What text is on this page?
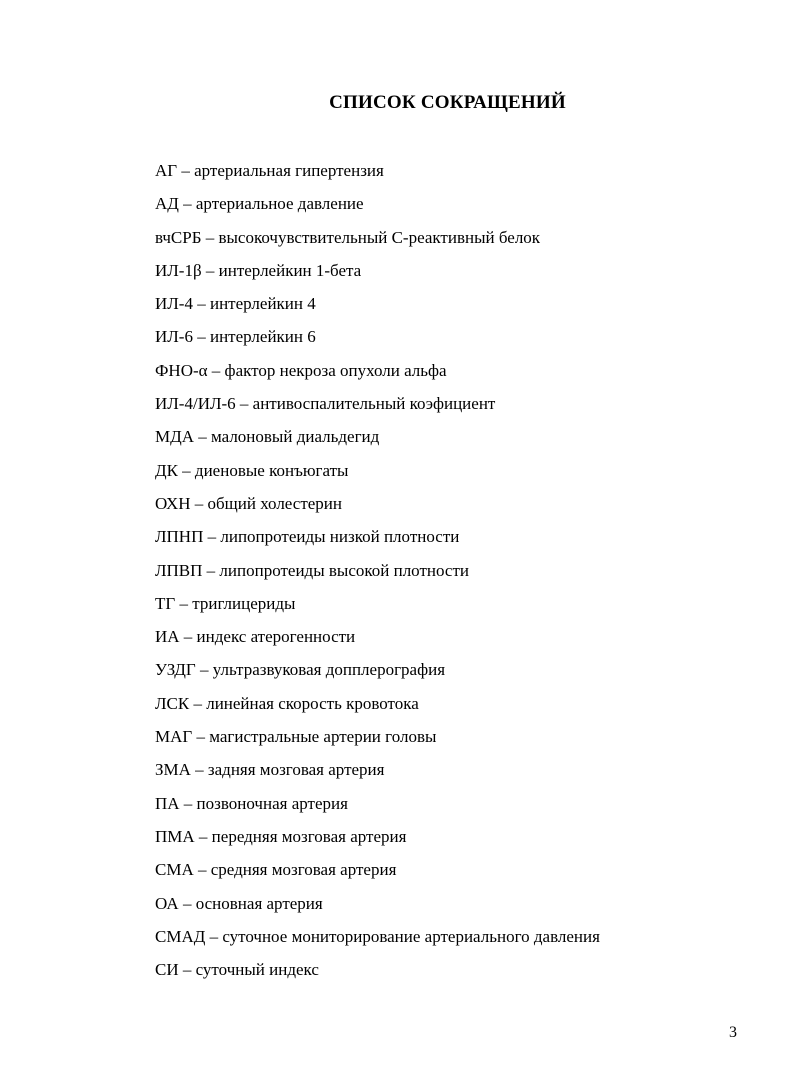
СПИСОК СОКРАЩЕНИЙ
АГ – артериальная гипертензия
АД – артериальное давление
вчСРБ – высокочувствительный С-реактивный белок
ИЛ-1β – интерлейкин 1-бета
ИЛ-4 – интерлейкин 4
ИЛ-6 – интерлейкин 6
ФНО-α – фактор некроза опухоли альфа
ИЛ-4/ИЛ-6 – антивоспалительный коэфициент
МДА – малоновый диальдегид
ДК – диеновые конъюгаты
ОХН – общий холестерин
ЛПНП – липопротеиды низкой плотности
ЛПВП – липопротеиды высокой плотности
ТГ – триглицериды
ИА – индекс атерогенности
УЗДГ – ультразвуковая допплерография
ЛСК – линейная скорость кровотока
МАГ – магистральные артерии головы
ЗМА – задняя мозговая артерия
ПА – позвоночная артерия
ПМА – передняя мозговая артерия
СМА – средняя мозговая артерия
ОА – основная артерия
СМАД – суточное мониторирование артериального давления
СИ – суточный индекс
3
